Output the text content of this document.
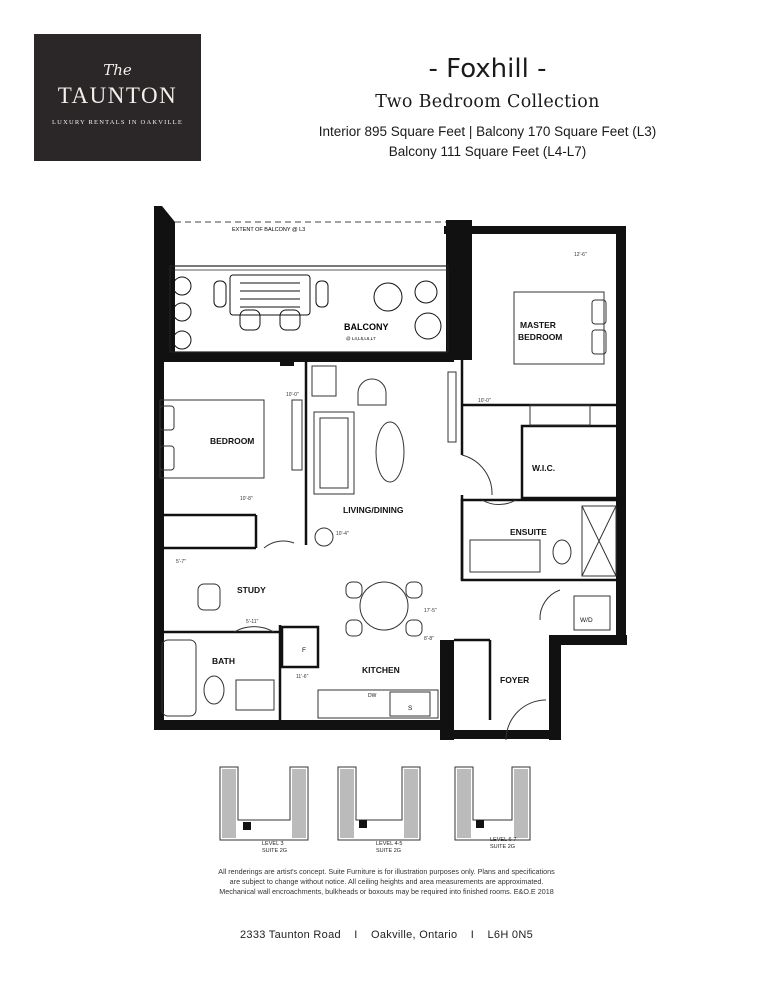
The
TAUNTON
LUXURY RENTALS IN OAKVILLE
- Foxhill -
Two Bedroom Collection
Interior 895 Square Feet | Balcony 170 Square Feet (L3)
Balcony 111 Square Feet (L4-L7)
EXTENT OF BALCONY @ L3
BALCONY
@ L4,L5,L6,L7
MASTER
BEDROOM
BEDROOM
LIVING/DINING
W.I.C.
ENSUITE
STUDY
BATH
KITCHEN
FOYER
W/D
F
DW
S
12'-6"
10'-0"
10'-0"
10'-8"
10'-4"
5'-7"
5'-11"
17'-5"
8'-8"
11'-6"
LEVEL 3
SUITE 2G
LEVEL 4-5
SUITE 2G
LEVEL 6-7
SUITE 2G
All renderings are artist's concept. Suite Furniture is for illustration purposes only. Plans and specifications
are subject to change without notice. All ceiling heights and area measurements are approximated.
Mechanical wall encroachments, bulkheads or boxouts may be required into finished rooms. E&O.E 2018
2333 Taunton Road I Oakville, Ontario I L6H 0N5
